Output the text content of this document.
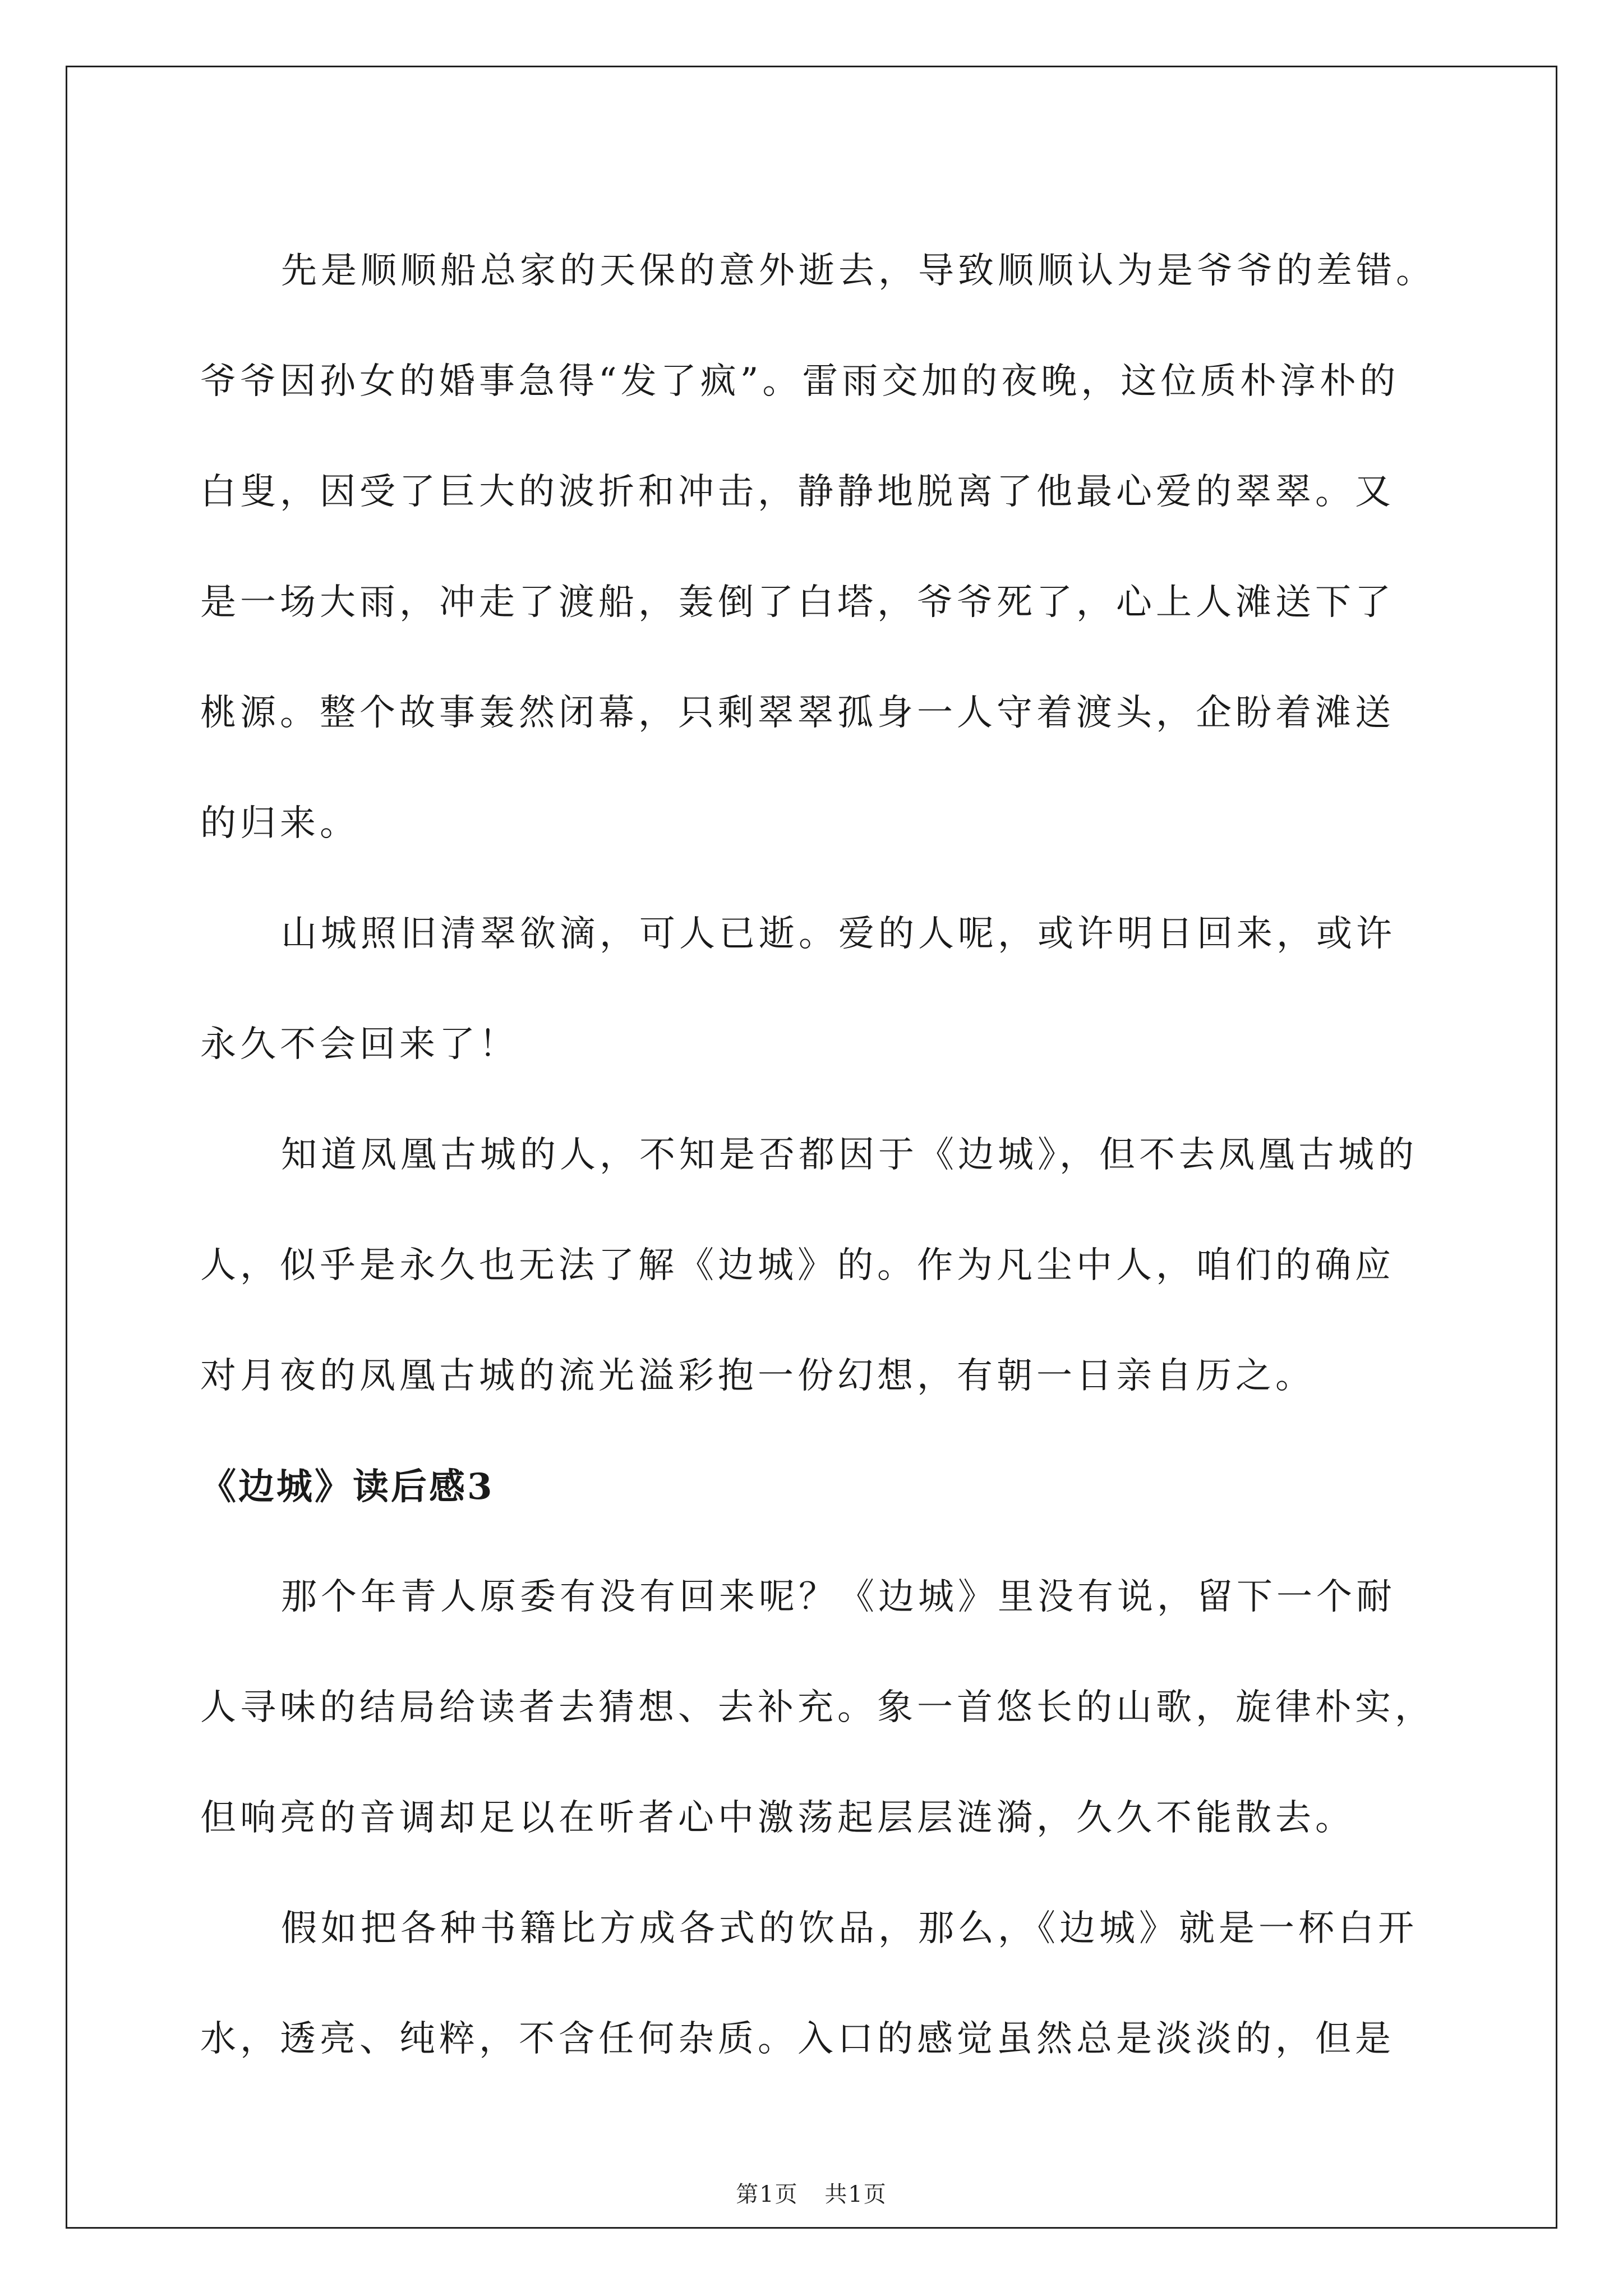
先是顺顺船总家的天保的意外逝去，导致顺顺认为是爷爷的差错。
爷爷因孙女的婚事急得“发了疯”。雷雨交加的夜晚，这位质朴淳朴的
白叟，因受了巨大的波折和冲击，静静地脱离了他最心爱的翠翠。又
是一场大雨，冲走了渡船，轰倒了白塔，爷爷死了，心上人滩送下了
桃源。整个故事轰然闭幕，只剩翠翠孤身一人守着渡头，企盼着滩送
的归来。

山城照旧清翠欲滴，可人已逝。爱的人呢，或许明日回来，或许
永久不会回来了！

知道凤凰古城的人，不知是否都因于《边城》，但不去凤凰古城的
人，似乎是永久也无法了解《边城》的。作为凡尘中人，咱们的确应
对月夜的凤凰古城的流光溢彩抱一份幻想，有朝一日亲自历之。

《边城》读后感3

那个年青人原委有没有回来呢？《边城》里没有说，留下一个耐
人寻味的结局给读者去猜想、去补充。象一首悠长的山歌，旋律朴实，
但响亮的音调却足以在听者心中激荡起层层涟漪，久久不能散去。

假如把各种书籍比方成各式的饮品，那么，《边城》就是一杯白开
水，透亮、纯粹，不含任何杂质。入口的感觉虽然总是淡淡的，但是

第1页 共1页
